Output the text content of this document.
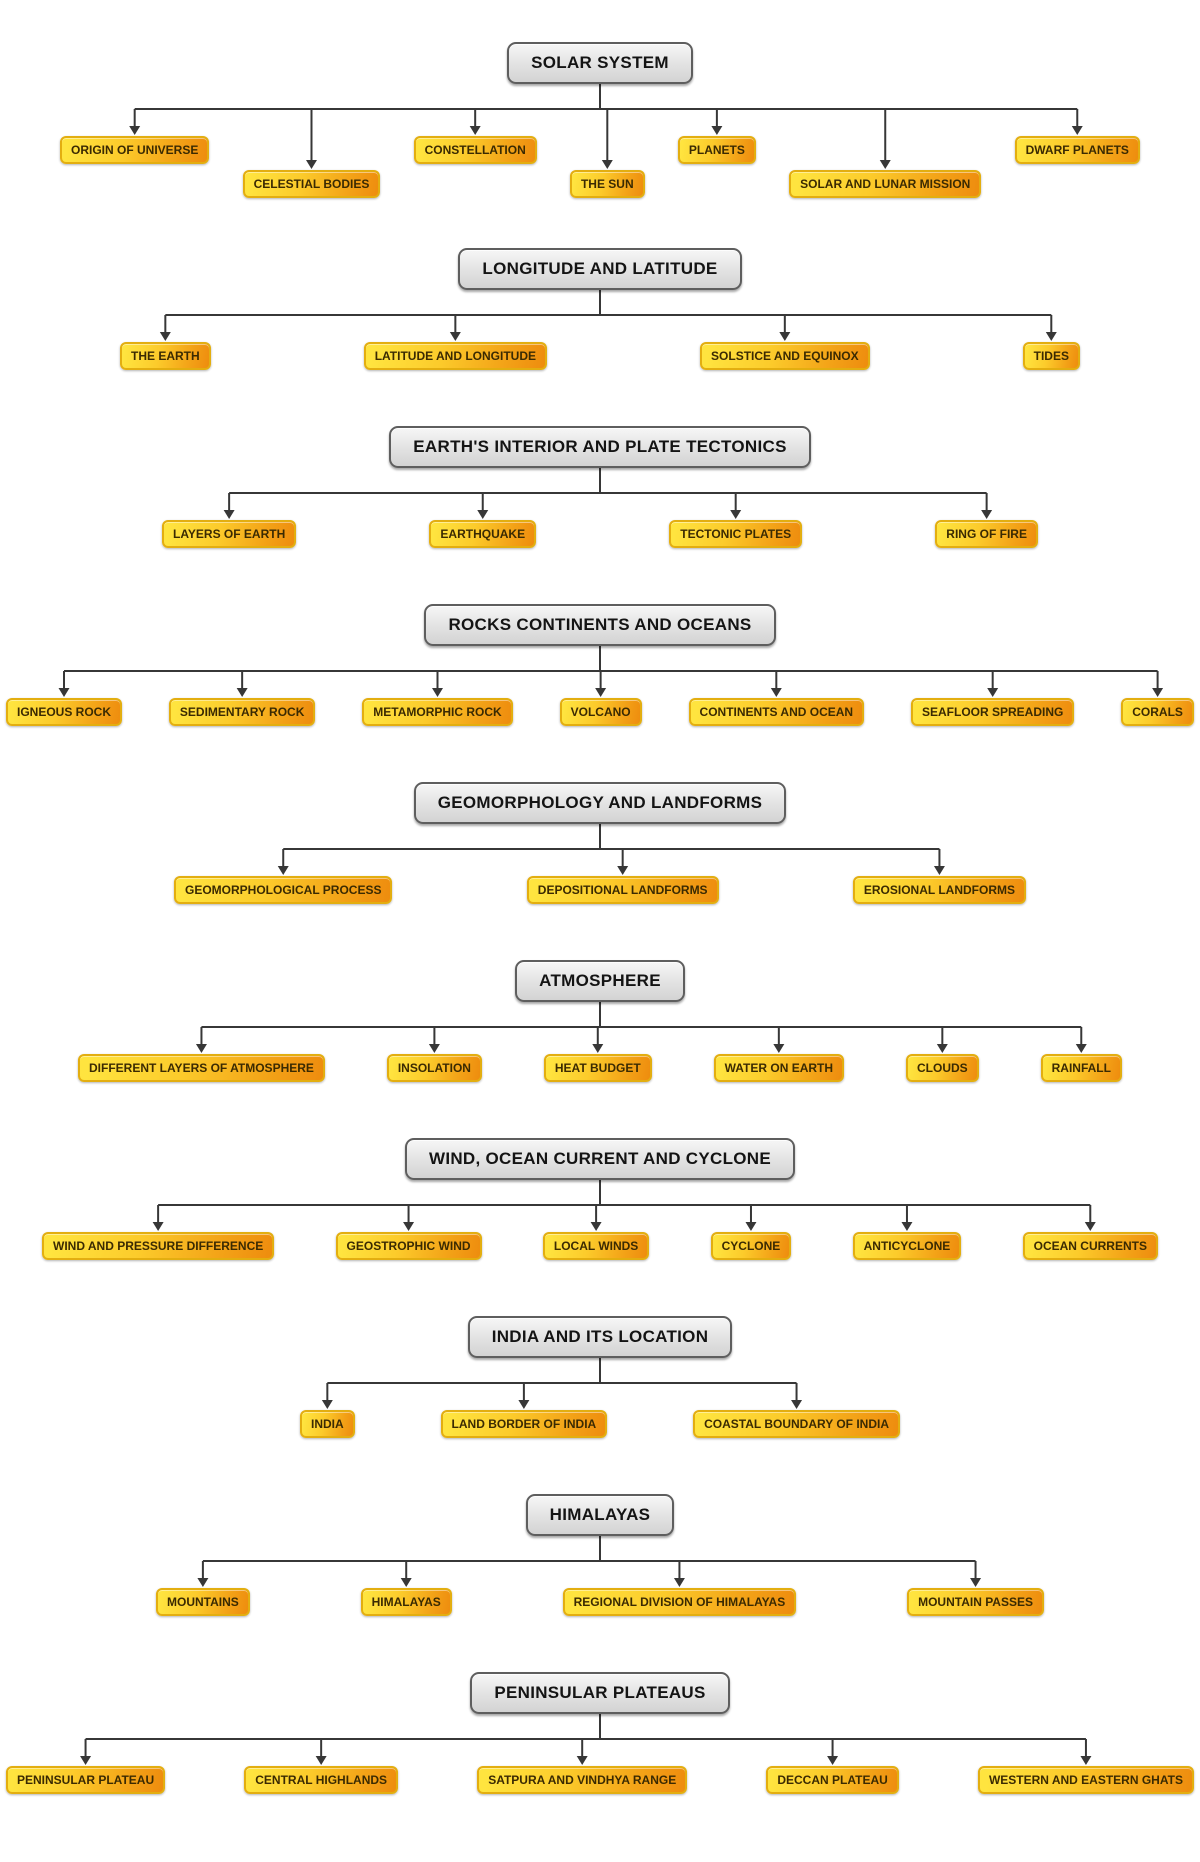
SOLAR SYSTEM
ORIGIN OF UNIVERSE
CELESTIAL BODIES
CONSTELLATION
THE SUN
PLANETS
SOLAR AND LUNAR MISSION
DWARF PLANETS
LONGITUDE AND LATITUDE
THE EARTH	LATITUDE AND LONGITUDE	SOLSTICE AND EQUINOX	TIDES
EARTH'S INTERIOR AND PLATE TECTONICS
LAYERS OF EARTH	EARTHQUAKE	TECTONIC PLATES	RING OF FIRE
ROCKS CONTINENTS AND OCEANS
IGNEOUS ROCK	SEDIMENTARY ROCK	METAMORPHIC ROCK	VOLCANO	CONTINENTS AND OCEAN	SEAFLOOR SPREADING	CORALS
GEOMORPHOLOGY AND LANDFORMS
GEOMORPHOLOGICAL PROCESS	DEPOSITIONAL LANDFORMS	EROSIONAL LANDFORMS
ATMOSPHERE
DIFFERENT LAYERS OF ATMOSPHERE	INSOLATION	HEAT BUDGET	WATER ON EARTH	CLOUDS	RAINFALL
WIND, OCEAN CURRENT AND CYCLONE
WIND AND PRESSURE DIFFERENCE	GEOSTROPHIC WIND	LOCAL WINDS	CYCLONE	ANTICYCLONE	OCEAN CURRENTS
INDIA AND ITS LOCATION
INDIA	LAND BORDER OF INDIA	COASTAL BOUNDARY OF INDIA
HIMALAYAS
MOUNTAINS	HIMALAYAS	REGIONAL DIVISION OF HIMALAYAS	MOUNTAIN PASSES
PENINSULAR PLATEAUS
PENINSULAR PLATEAU	CENTRAL HIGHLANDS	SATPURA AND VINDHYA RANGE	DECCAN PLATEAU	WESTERN AND EASTERN GHATS
